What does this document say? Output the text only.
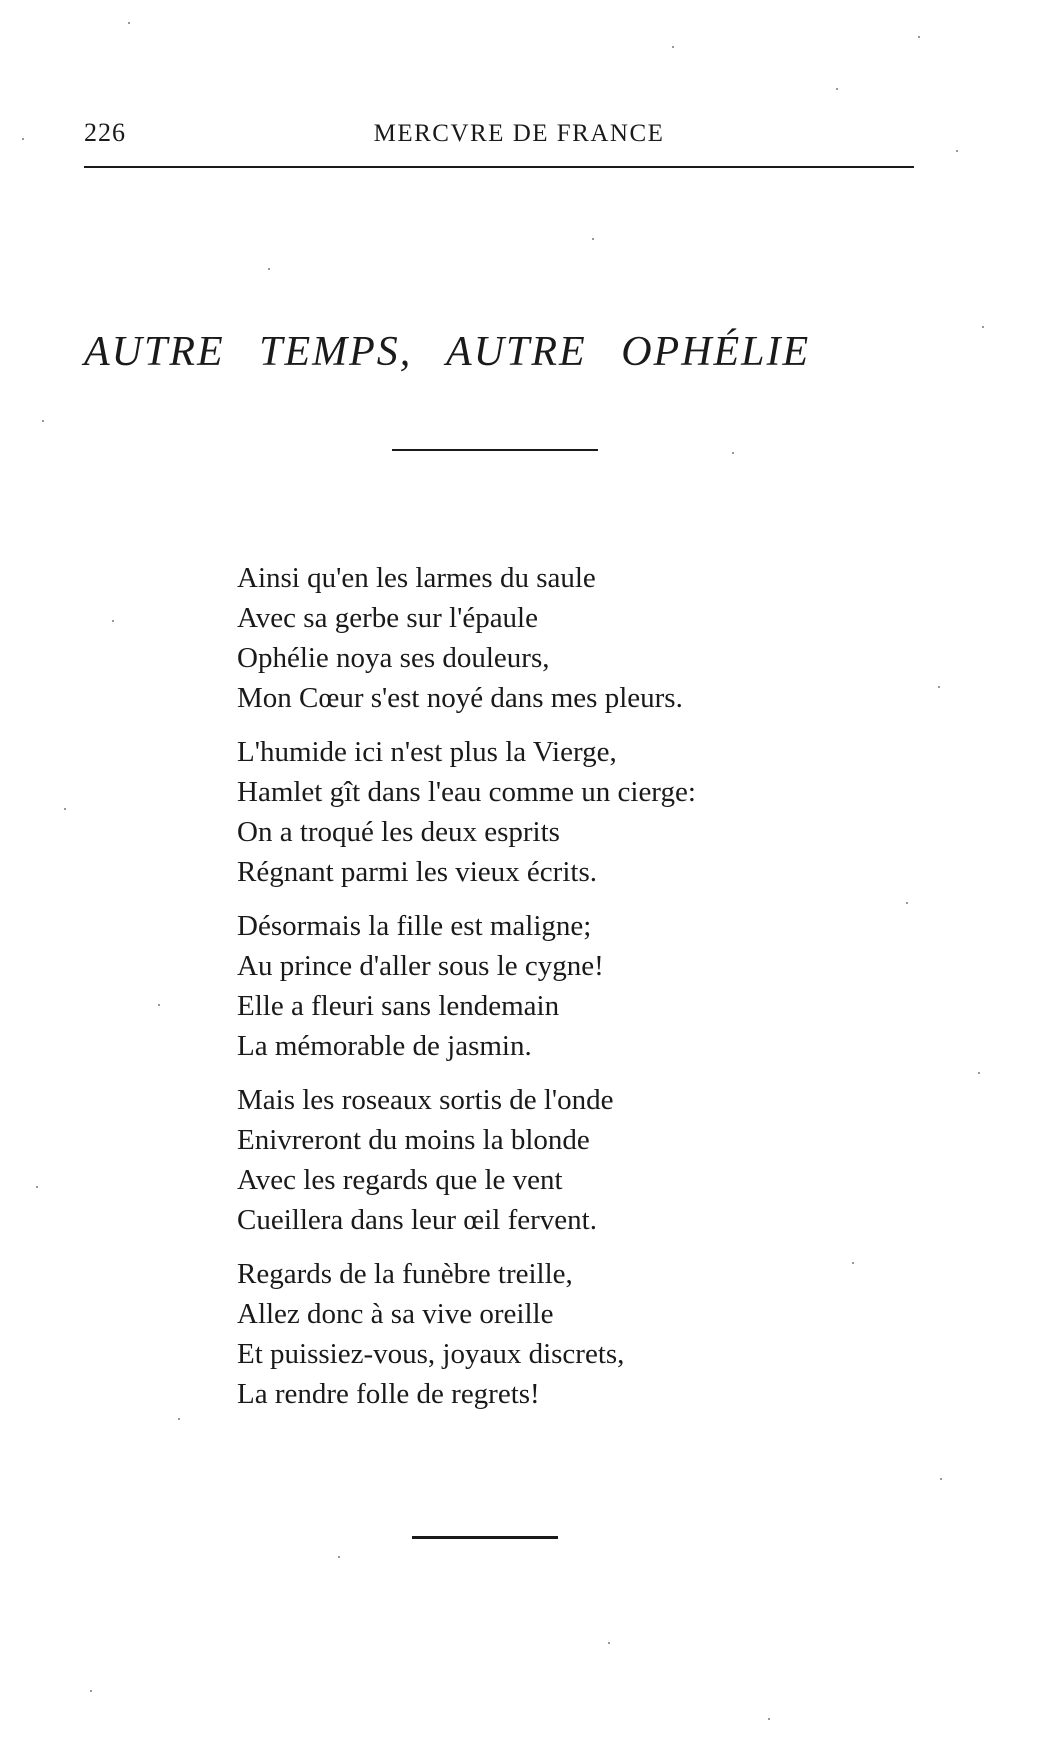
226	MERCVRE DE FRANCE
AUTRE TEMPS, AUTRE OPHÉLIE
Ainsi qu'en les larmes du saule
Avec sa gerbe sur l'épaule
Ophélie noya ses douleurs,
Mon Cœur s'est noyé dans mes pleurs.
L'humide ici n'est plus la Vierge,
Hamlet gît dans l'eau comme un cierge:
On a troqué les deux esprits
Régnant parmi les vieux écrits.
Désormais la fille est maligne;
Au prince d'aller sous le cygne!
Elle a fleuri sans lendemain
La mémorable de jasmin.
Mais les roseaux sortis de l'onde
Enivreront du moins la blonde
Avec les regards que le vent
Cueillera dans leur œil fervent.
Regards de la funèbre treille,
Allez donc à sa vive oreille
Et puissiez-vous, joyaux discrets,
La rendre folle de regrets!
